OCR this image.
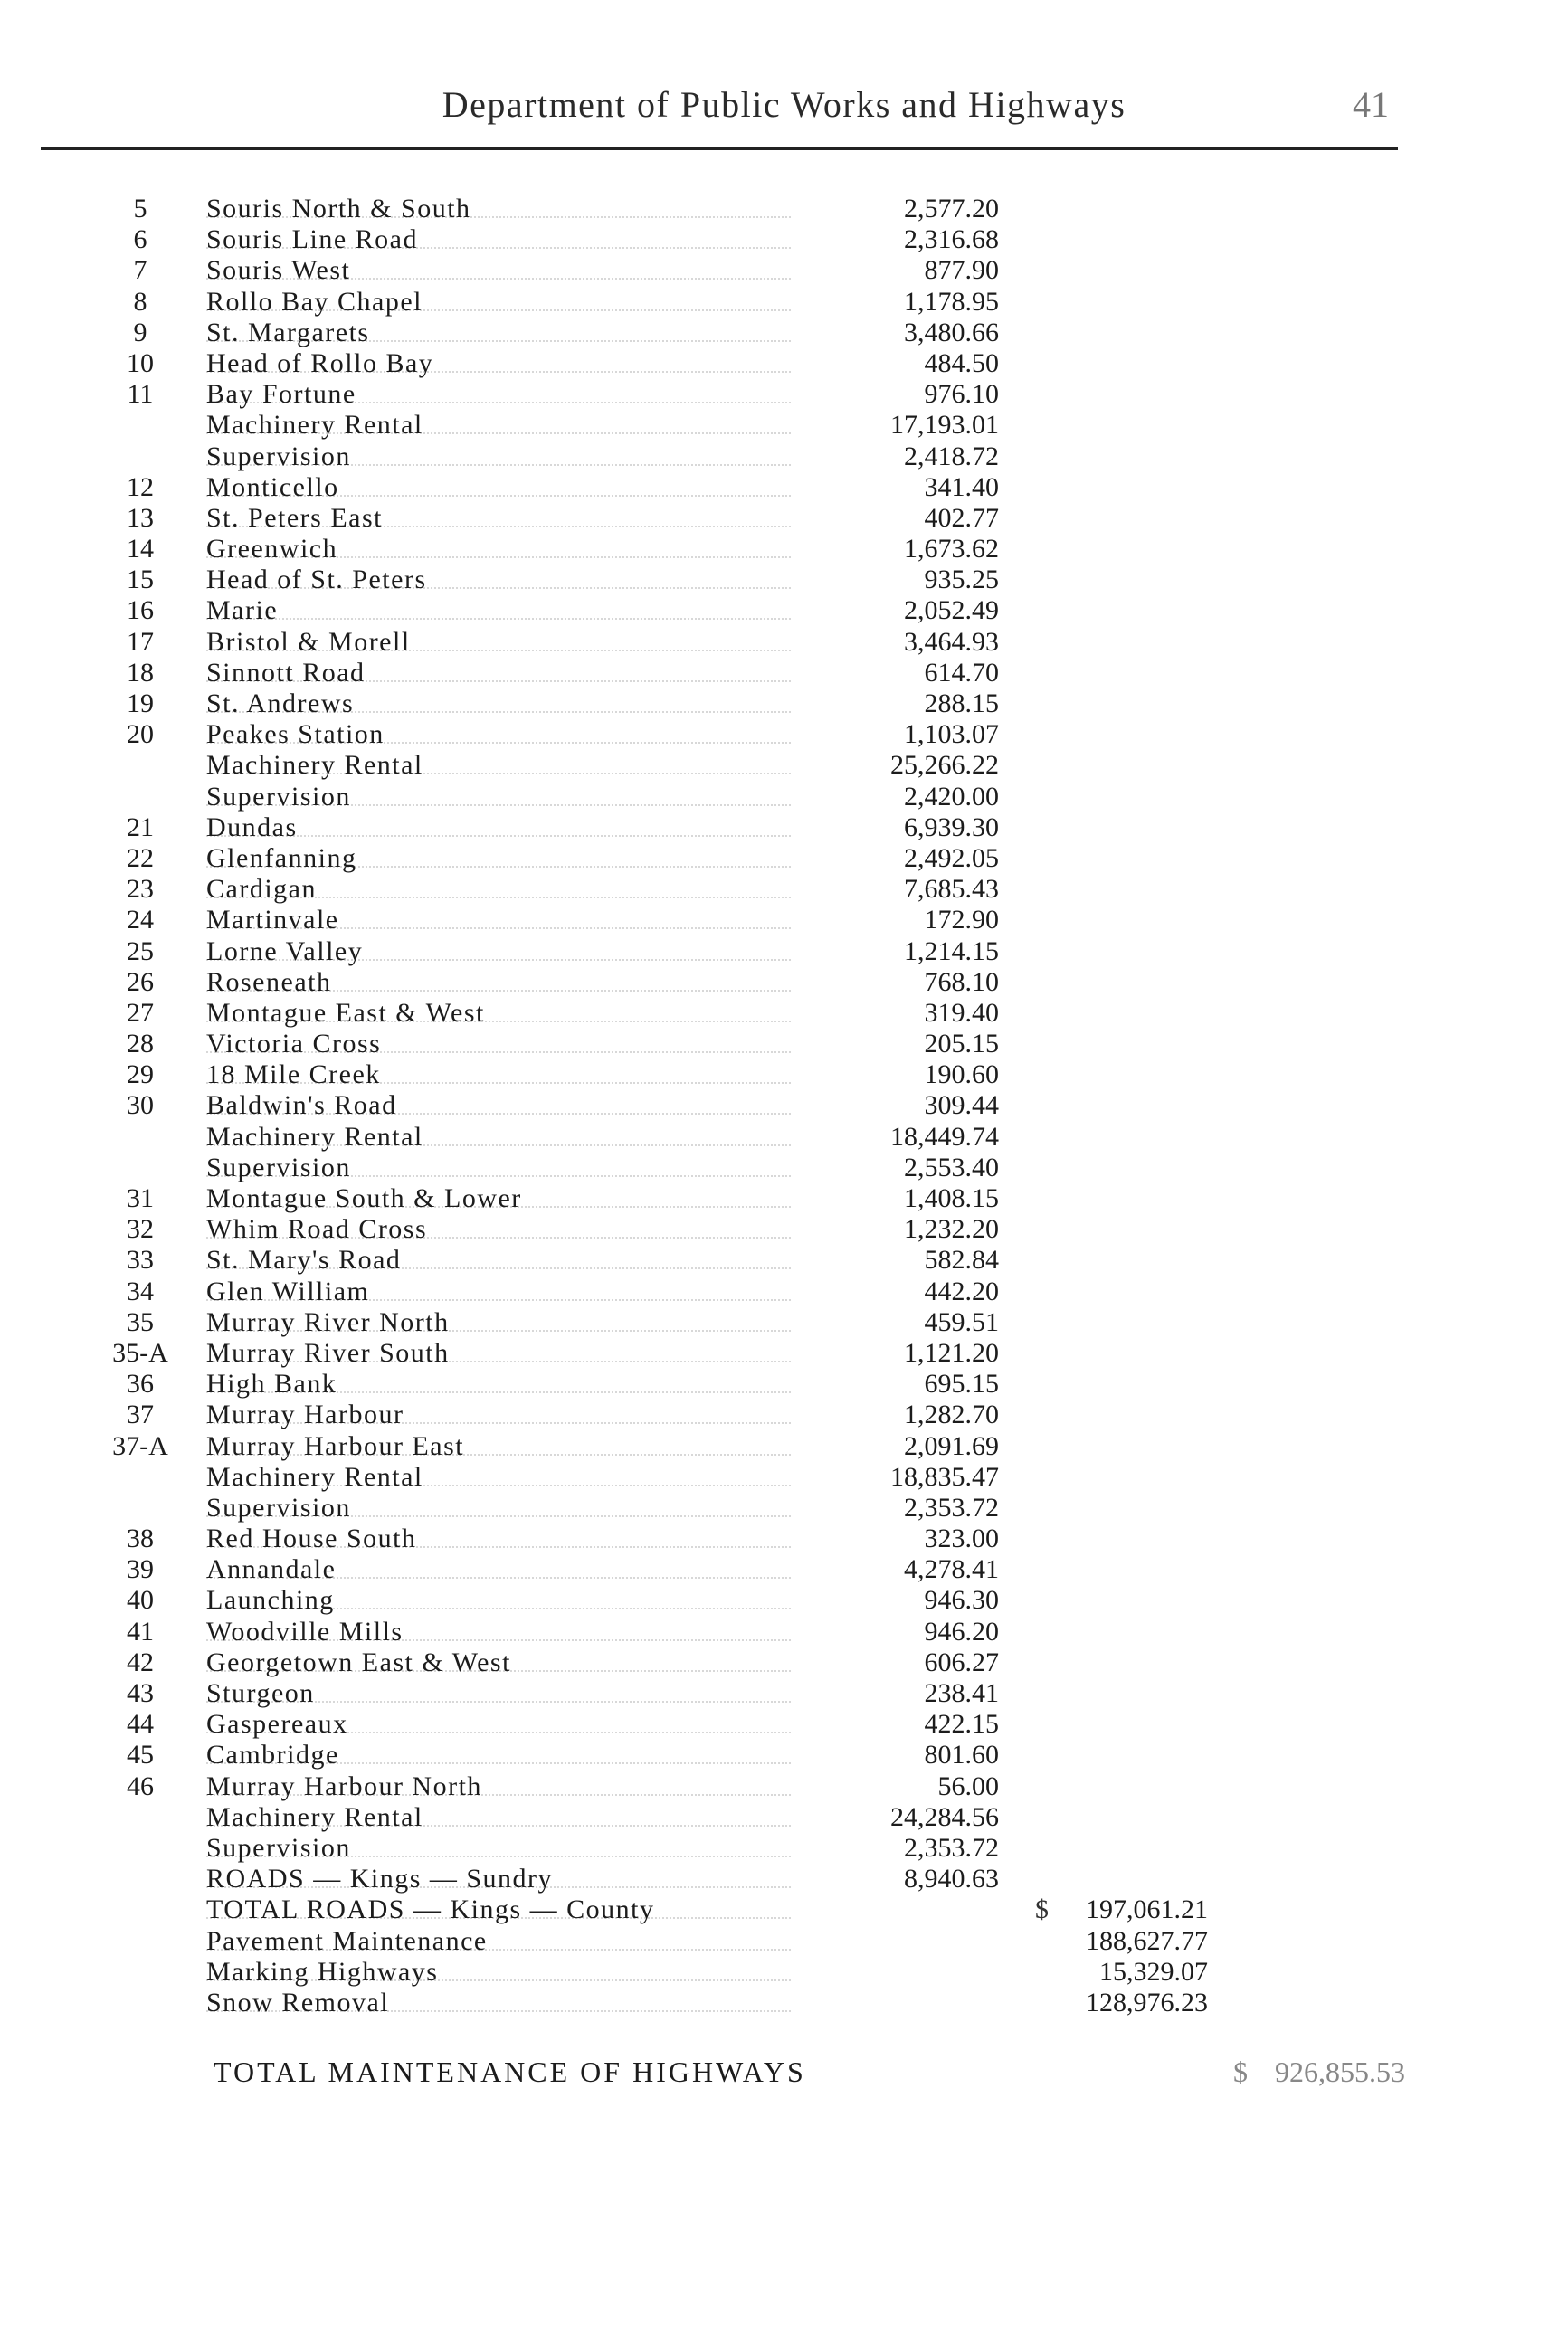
Department of Public Works and Highways	41
5	Souris North & South	2,577.20
6	Souris Line Road	2,316.68
7	Souris West	877.90
8	Rollo Bay Chapel	1,178.95
9	St. Margarets	3,480.66
10	Head of Rollo Bay	484.50
11	Bay Fortune	976.10
Machinery Rental	17,193.01
Supervision	2,418.72
12	Monticello	341.40
13	St. Peters East	402.77
14	Greenwich	1,673.62
15	Head of St. Peters	935.25
16	Marie	2,052.49
17	Bristol & Morell	3,464.93
18	Sinnott Road	614.70
19	St. Andrews	288.15
20	Peakes Station	1,103.07
Machinery Rental	25,266.22
Supervision	2,420.00
21	Dundas	6,939.30
22	Glenfanning	2,492.05
23	Cardigan	7,685.43
24	Martinvale	172.90
25	Lorne Valley	1,214.15
26	Roseneath	768.10
27	Montague East & West	319.40
28	Victoria Cross	205.15
29	18 Mile Creek	190.60
30	Baldwin's Road	309.44
Machinery Rental	18,449.74
Supervision	2,553.40
31	Montague South & Lower	1,408.15
32	Whim Road Cross	1,232.20
33	St. Mary's Road	582.84
34	Glen William	442.20
35	Murray River North	459.51
35-A	Murray River South	1,121.20
36	High Bank	695.15
37	Murray Harbour	1,282.70
37-A	Murray Harbour East	2,091.69
Machinery Rental	18,835.47
Supervision	2,353.72
38	Red House South	323.00
39	Annandale	4,278.41
40	Launching	946.30
41	Woodville Mills	946.20
42	Georgetown East & West	606.27
43	Sturgeon	238.41
44	Gaspereaux	422.15
45	Cambridge	801.60
46	Murray Harbour North	56.00
Machinery Rental	24,284.56
Supervision	2,353.72
ROADS — Kings — Sundry	8,940.63
TOTAL ROADS — Kings — County	$ 197,061.21
Pavement Maintenance	188,627.77
Marking Highways	15,329.07
Snow Removal	128,976.23
TOTAL MAINTENANCE OF HIGHWAYS	$ 926,855.53
